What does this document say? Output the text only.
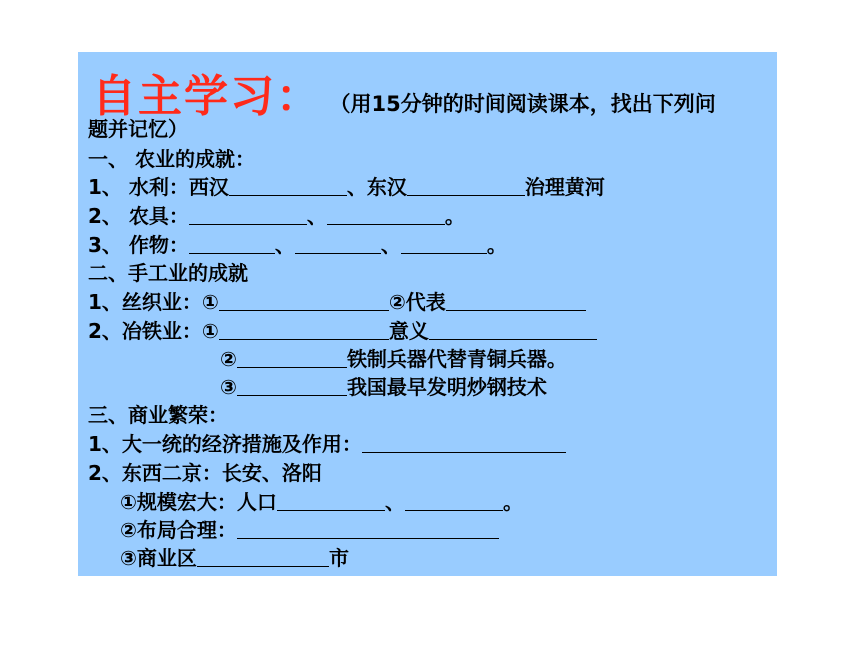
自主学习： （用15分钟的时间阅读课本，找出下列问
题并记忆）
一、 农业的成就：
1、 水利：西汉	、东汉	治理黄河
2、 农具：	、	。
3、 作物：	、	、	。
二、手工业的成就
1、丝织业：①	②代表
2、冶铁业：①	意义
②	铁制兵器代替青铜兵器。
③	我国最早发明炒钢技术
三、商业繁荣：
1、大一统的经济措施及作用：
2、东西二京：长安、洛阳
①规模宏大：人口	、	。
②布局合理：
③商业区	市
